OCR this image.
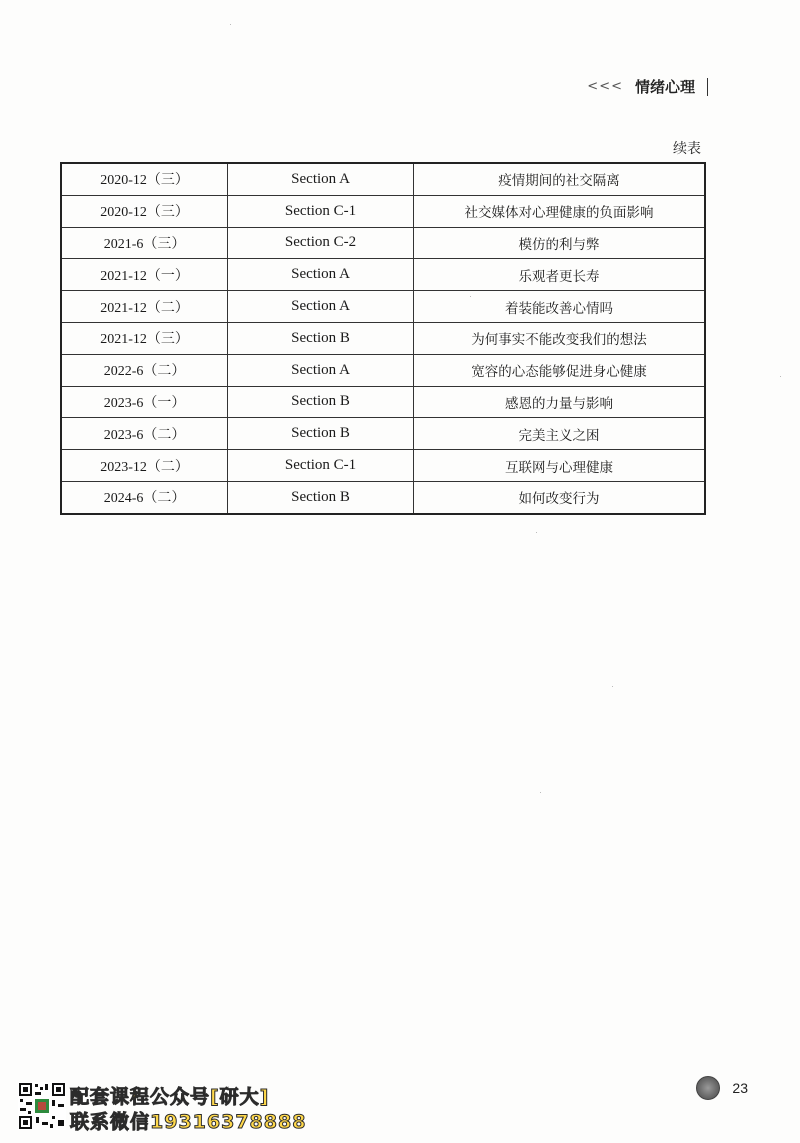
<<< 情绪心理
续表
2020-12（三）	Section A	疫情期间的社交隔离
2020-12（三）	Section C-1	社交媒体对心理健康的负面影响
2021-6（三）	Section C-2	模仿的利与弊
2021-12（一）	Section A	乐观者更长寿
2021-12（二）	Section A	着装能改善心情吗
2021-12（三）	Section B	为何事实不能改变我们的想法
2022-6（二）	Section A	宽容的心态能够促进身心健康
2023-6（一）	Section B	感恩的力量与影响
2023-6（二）	Section B	完美主义之困
2023-12（二）	Section C-1	互联网与心理健康
2024-6（二）	Section B	如何改变行为
23
配套课程公众号[研大]
联系微信19316378888
